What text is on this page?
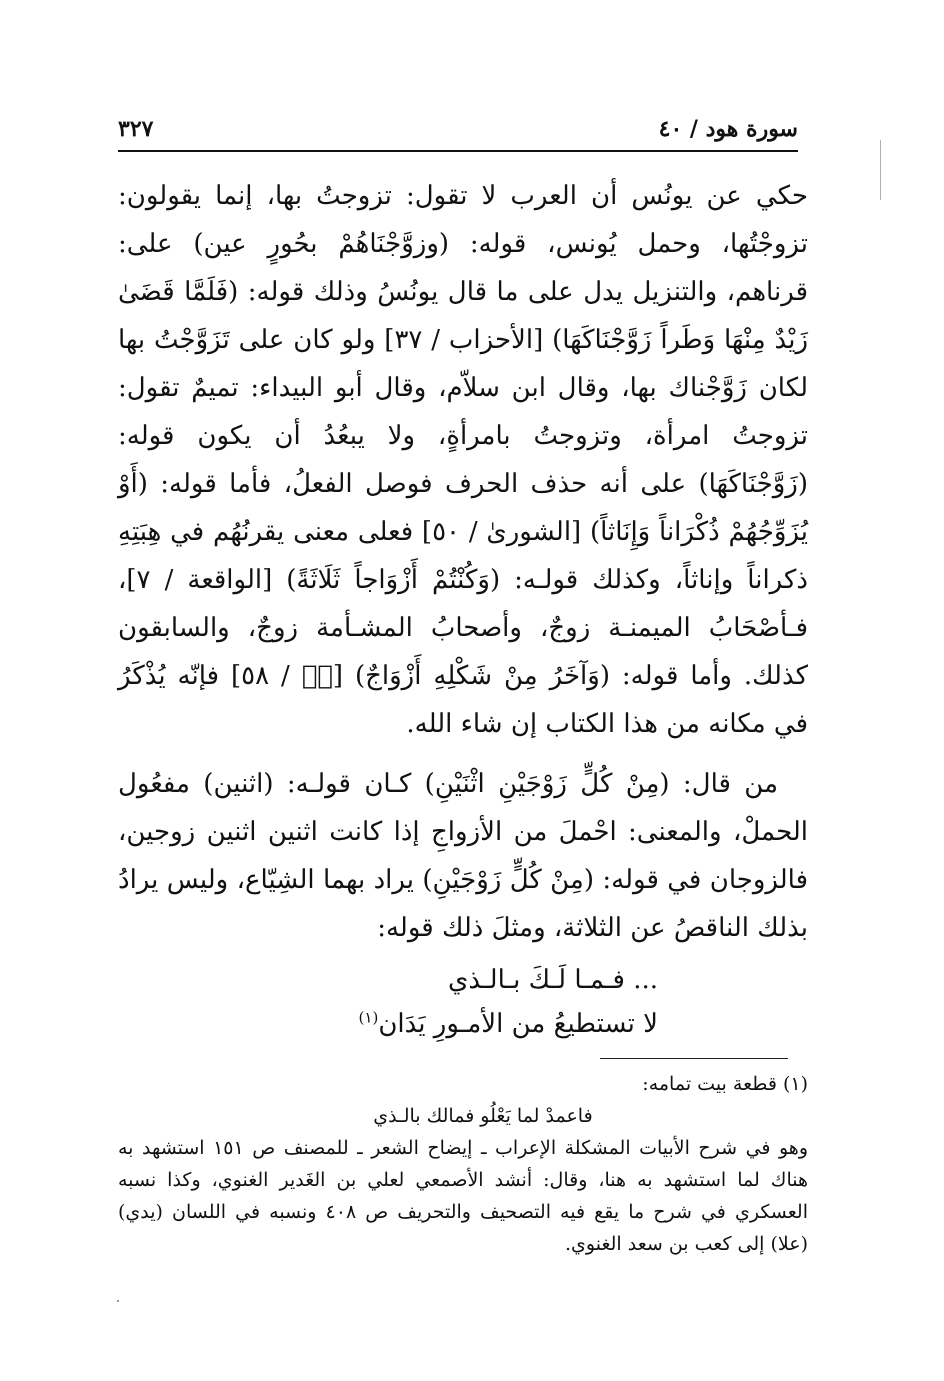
٣٢٧	سورة هود / ٤٠

حكي عن يونُس أن العرب لا تقول: تزوجتُ بها، إنما يقولون: تزوجْتُها، وحمل يُونس، قوله: (وزوَّجْنَاهُمْ بحُورٍ عين) على: قرناهم، والتنزيل يدل على ما قال يونُسُ وذلك قوله: (فَلَمَّا قَضَىٰ زَيْدٌ مِنْهَا وَطَراً زَوَّجْنَاكَهَا) [الأحزاب / ٣٧] ولو كان على تَزَوَّجْتُ بها لكان زَوَّجْناك بها، وقال ابن سلاّم، وقال أبو البيداء: تميمٌ تقول: تزوجتُ امرأة، وتزوجتُ بامرأةٍ، ولا يبعُدُ أن يكون قوله: (زَوَّجْنَاكَهَا) على أنه حذف الحرف فوصل الفعلُ، فأما قوله: (أَوْ يُزَوِّجُهُمْ ذُكْرَاناً وَإِنَاثاً) [الشورىٰ / ٥٠] فعلى معنى يقرنُهُم في هِبَتِهِ ذكراناً وإناثاً، وكذلك قولـه: (وَكُنْتُمْ أَزْوَاجاً ثَلَاثَةً) [الواقعة / ٧]، فـأصْحَابُ الميمنـة زوجٌ، وأصحابُ المشـأمة زوجٌ، والسابقون كذلك. وأما قوله: (وَآخَرُ مِنْ شَكْلِهِ أَزْوَاجٌ) [صۤ / ٥٨] فإنّه يُذْكَرُ في مكانه من هذا الكتاب إن شاء الله.

من قال: (مِنْ كُلٍّ زَوْجَيْنِ اثْنَيْنِ) كـان قولـه: (اثنين) مفعُول الحملْ، والمعنى: احْملَ من الأزواجِ إذا كانت اثنين اثنين زوجين، فالزوجان في قوله: (مِنْ كُلٍّ زَوْجَيْنِ) يراد بهما الشِيّاع، وليس يرادُ بذلك الناقصُ عن الثلاثة، ومثلَ ذلك قوله:

... فـمـا لَـكَ بـالـذي
لا تستطيعُ من الأمـورِ يَدَان$^{(١)}$

(١) قطعة بيت تمامه:

فاعمدْ لما يَعْلُو فمالك بالـذي

وهو في شرح الأبيات المشكلة الإعراب ـ إيضاح الشعر ـ للمصنف ص ١٥١ استشهد به هناك لما استشهد به هنا، وقال: أنشد الأصمعي لعلي بن الغَدير الغنوي، وكذا نسبه العسكري في شرح ما يقع فيه التصحيف والتحريف ص ٤٠٨ ونسبه في اللسان (يدي) (علا) إلى كعب بن سعد الغنوي.
